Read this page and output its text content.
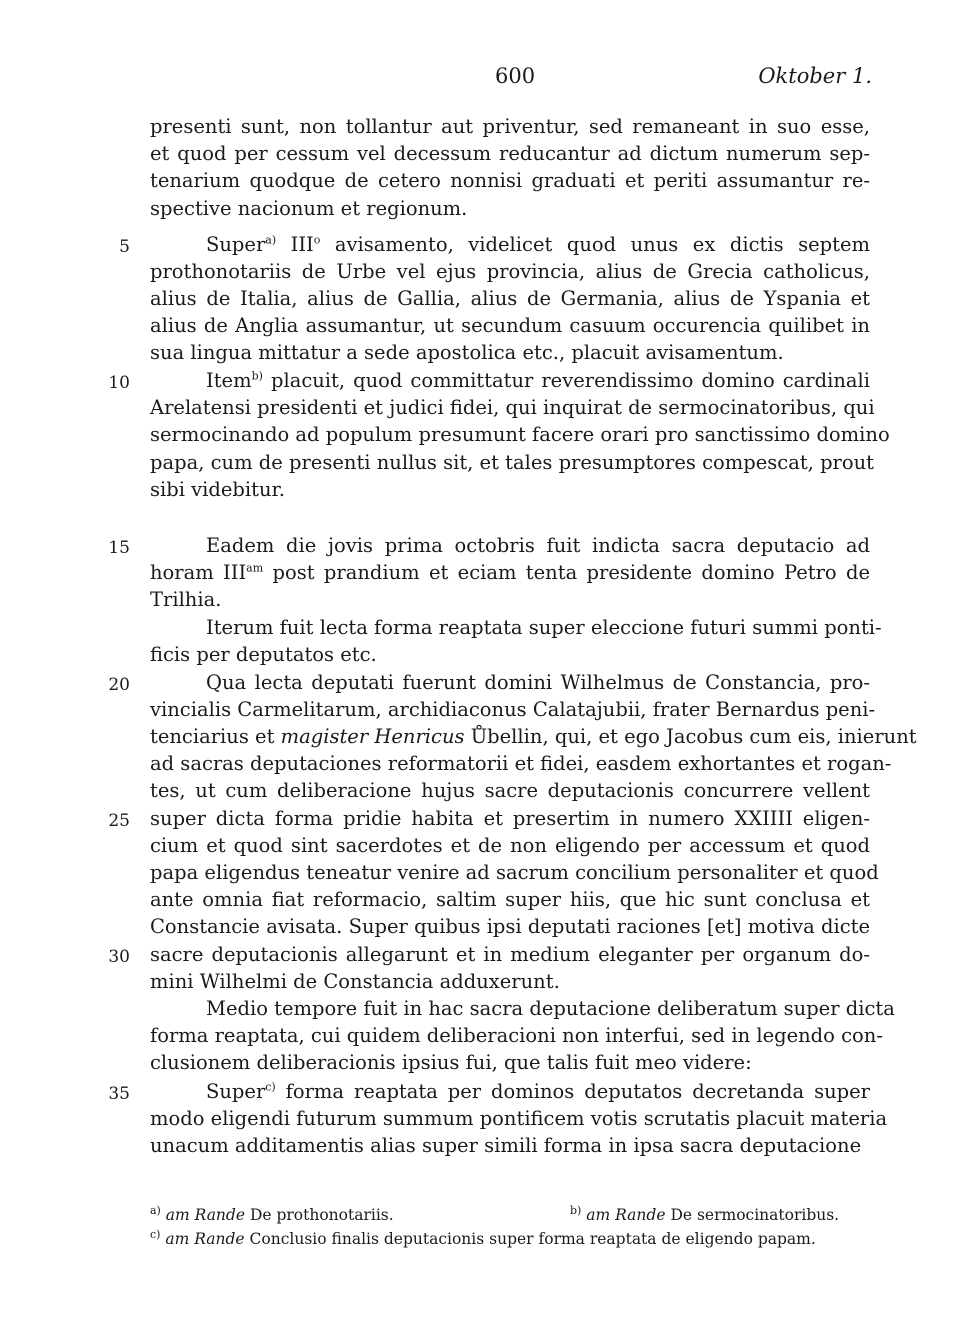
600	Oktober 1.
presenti sunt, non tollantur aut priventur, sed remaneant in suo esse,
et quod per cessum vel decessum reducantur ad dictum numerum sep-
tenarium quodque de cetero nonnisi graduati et periti assumantur re-
spective nacionum et regionum.
Super$^{a)}$ III$^o$ avisamento, videlicet quod unus ex dictis septem
5
prothonotariis de Urbe vel ejus provincia, alius de Grecia catholicus,
alius de Italia, alius de Gallia, alius de Germania, alius de Yspania et
alius de Anglia assumantur, ut secundum casuum occurencia quilibet in
sua lingua mittatur a sede apostolica etc., placuit avisamentum.
Item$^{b)}$ placuit, quod committatur reverendissimo domino cardinali
10
Arelatensi presidenti et judici fidei, qui inquirat de sermocinatoribus, qui
sermocinando ad populum presumunt facere orari pro sanctissimo domino
papa, cum de presenti nullus sit, et tales presumptores compescat, prout
sibi videbitur.
Eadem die jovis prima octobris fuit indicta sacra deputacio ad
15
horam $III^{am}$ post prandium et eciam tenta presidente domino Petro de
Trilhia.
Iterum fuit lecta forma reaptata super eleccione futuri summi ponti-
ficis per deputatos etc.
Qua lecta deputati fuerunt domini Wilhelmus de Constancia, pro-
20
vincialis Carmelitarum, archidiaconus Calatajubii, frater Bernardus peni-
tenciarius et magister Henricus Ůbellin, qui, et ego Jacobus cum eis, inierunt
ad sacras deputaciones reformatorii et fidei, easdem exhortantes et rogan-
tes, ut cum deliberacione hujus sacre deputacionis concurrere vellent
super dicta forma pridie habita et presertim in numero XXIIII eligen-
25
cium et quod sint sacerdotes et de non eligendo per accessum et quod
papa eligendus teneatur venire ad sacrum concilium personaliter et quod
ante omnia fiat reformacio, saltim super hiis, que hic sunt conclusa et
Constancie avisata. Super quibus ipsi deputati raciones [et] motiva dicte
sacre deputacionis allegarunt et in medium eleganter per organum do-
30
mini Wilhelmi de Constancia adduxerunt.
Medio tempore fuit in hac sacra deputacione deliberatum super dicta
forma reaptata, cui quidem deliberacioni non interfui, sed in legendo con-
clusionem deliberacionis ipsius fui, que talis fuit meo videre:
Super$^{c)}$ forma reaptata per dominos deputatos decretanda super
35
modo eligendi futurum summum pontificem votis scrutatis placuit materia
unacum additamentis alias super simili forma in ipsa sacra deputacione
$^{a)}$ am Rande De prothonotariis.	$^{b)}$ am Rande De sermocinatoribus.
$^{c)}$ am Rande Conclusio finalis deputacionis super forma reaptata de eligendo papam.
